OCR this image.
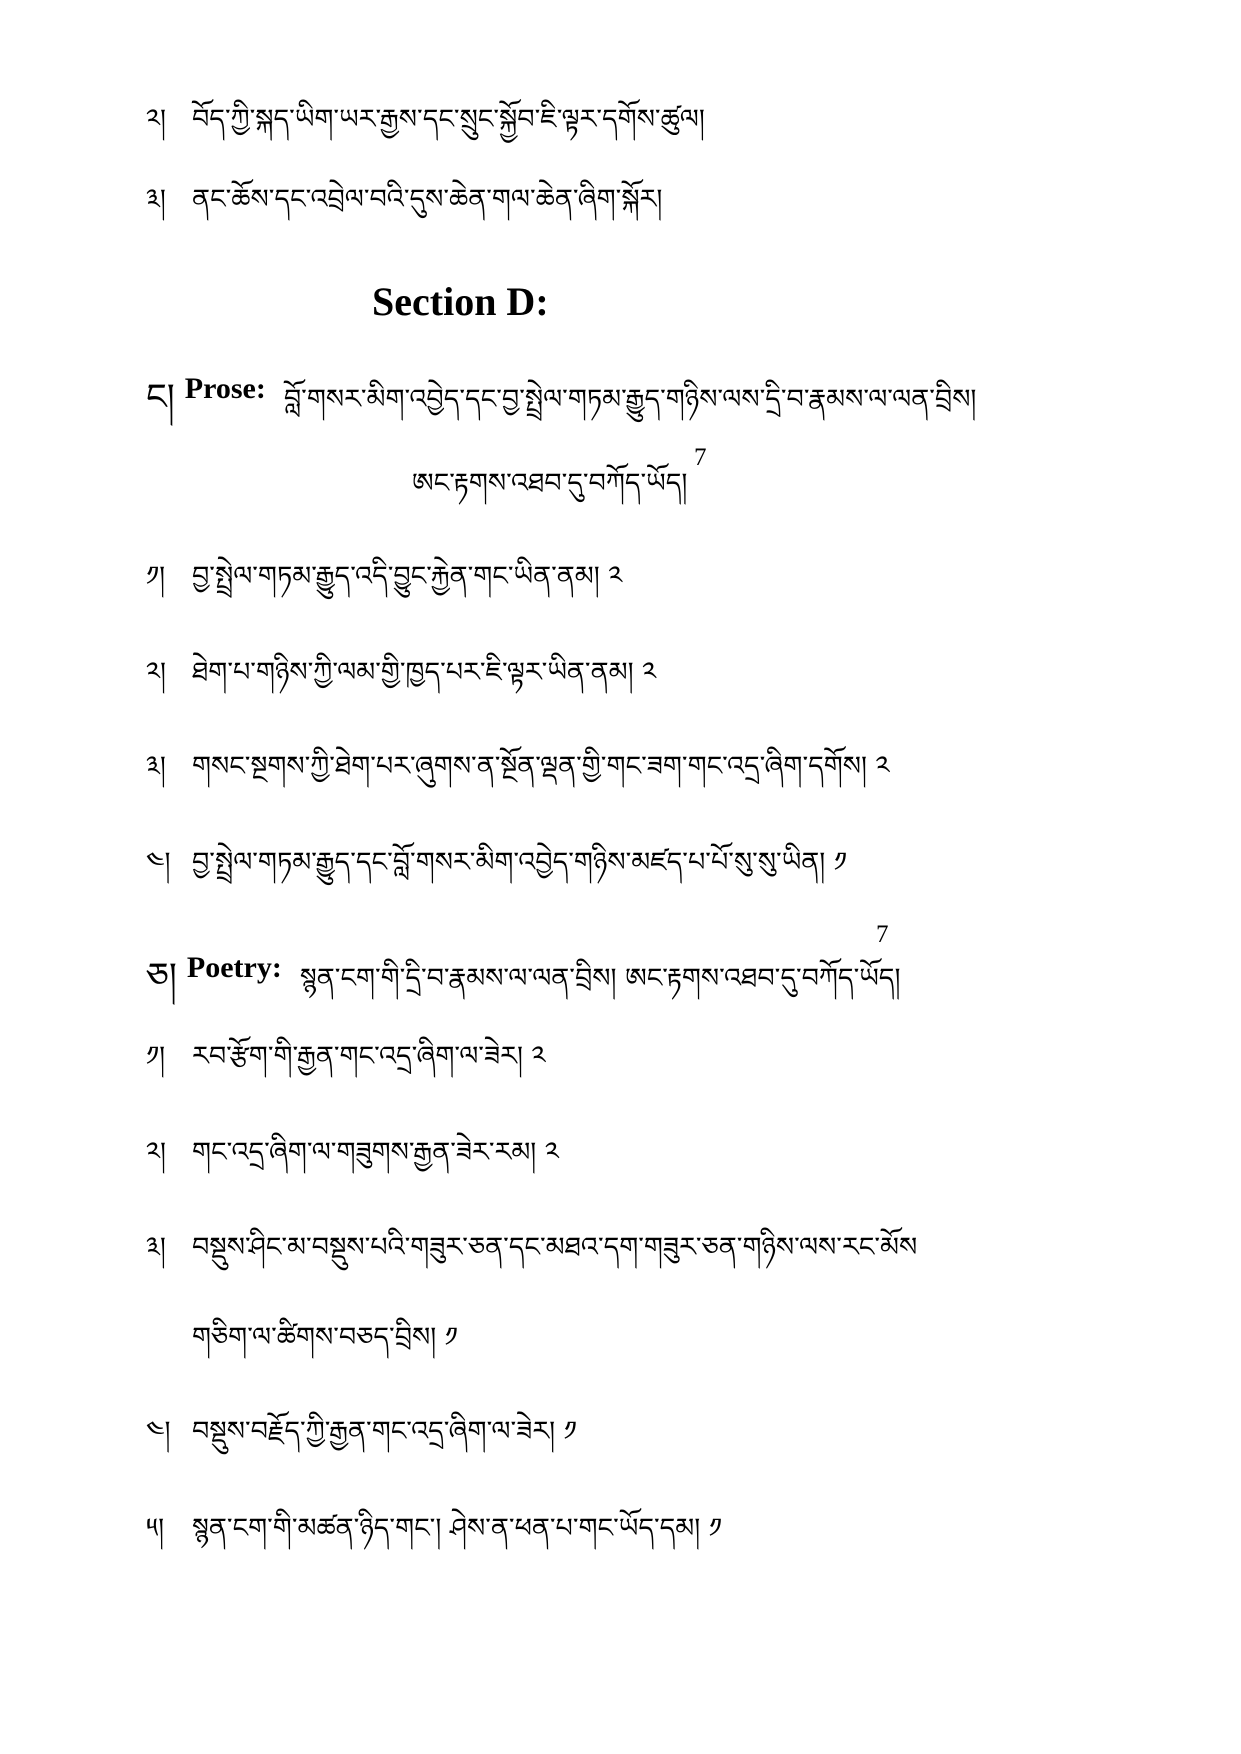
༢། བོད་ཀྱི་སྐད་ཡིག་ཡར་རྒྱས་དང་སྲུང་སྐྱོབ་ཇི་ལྟར་དགོས་ཚུལ།
༣། ནང་ཆོས་དང་འབྲེལ་བའི་དུས་ཆེན་གལ་ཆེན་ཞིག་སྐོར།
Section D:
ང། Prose: བློ་གསར་མིག་འབྱེད་དང་བྱ་སྤྲེལ་གཏམ་རྒྱུད་གཉིས་ལས་དྲི་བ་རྣམས་ལ་ལན་བྲིས།
ཨང་རྟགས་འཐབ་དུ་བཀོད་ཡོད།
7
༡། བྱ་སྤྲེལ་གཏམ་རྒྱུད་འདི་བྱུང་རྐྱེན་གང་ཡིན་ནམ། ༢
༢། ཐེག་པ་གཉིས་ཀྱི་ལམ་གྱི་ཁྱད་པར་ཇི་ལྟར་ཡིན་ནམ། ༢
༣། གསང་སྔགས་ཀྱི་ཐེག་པར་ཞུགས་ན་སྔོན་ལྡན་གྱི་གང་ཟག་གང་འདྲ་ཞིག་དགོས། ༢
༤། བྱ་སྤྲེལ་གཏམ་རྒྱུད་དང་བློ་གསར་མིག་འབྱེད་གཉིས་མཛད་པ་པོ་སུ་སུ་ཡིན། ༡
ཅ། Poetry: སྙན་ངག་གི་དྲི་བ་རྣམས་ལ་ལན་བྲིས། ཨང་རྟགས་འཐབ་དུ་བཀོད་ཡོད།
7
༡། རབ་རྩོག་གི་རྒྱན་གང་འདྲ་ཞིག་ལ་ཟེར། ༢
༢། གང་འདྲ་ཞིག་ལ་གཟུགས་རྒྱན་ཟེར་རམ། ༢
༣། བསྡུས་ཤིང་མ་བསྡུས་པའི་གཟུར་ཅན་དང་མཐའ་དག་གཟུར་ཅན་གཉིས་ལས་རང་མོས
གཅིག་ལ་ཚིགས་བཅད་བྲིས། ༡
༤། བསྡུས་བརྗོད་ཀྱི་རྒྱན་གང་འདྲ་ཞིག་ལ་ཟེར། ༡
༥། སྙན་ངག་གི་མཚན་ཉིད་གང་། ཤེས་ན་ཕན་པ་གང་ཡོད་དམ། ༡
